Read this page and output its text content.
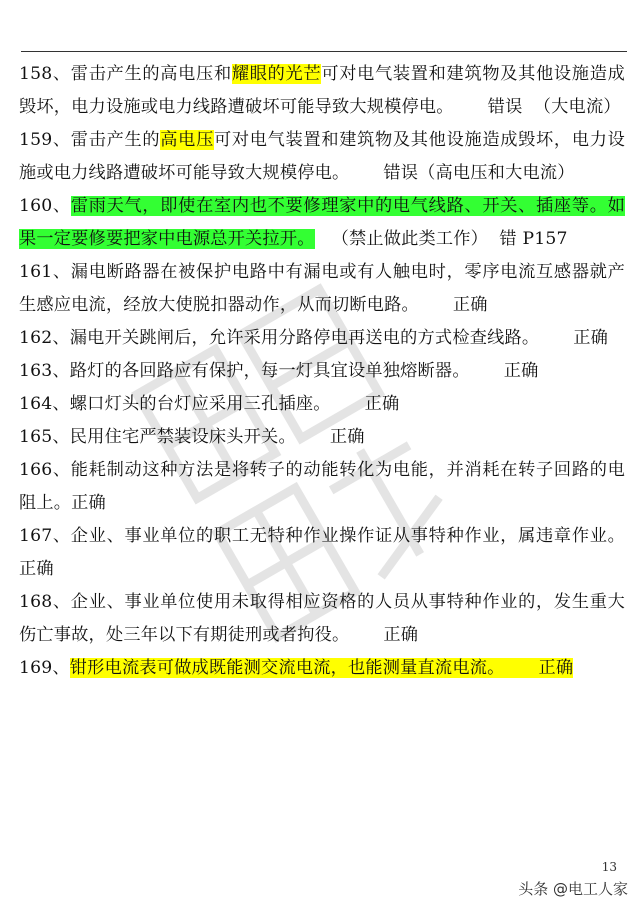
158、雷击产生的高电压和耀眼的光芒可对电气装置和建筑物及其他设施造成毁坏，电力设施或电力线路遭破坏可能导致大规模停电。      错误  （大电流）

159、雷击产生的高电压可对电气装置和建筑物及其他设施造成毁坏，电力设施或电力线路遭破坏可能导致大规模停电。      错误（高电压和大电流）

160、雷雨天气，即使在室内也不要修理家中的电气线路、开关、插座等。如果一定要修要把家中电源总开关拉开。   （禁止做此类工作）  错 P157

161、漏电断路器在被保护电路中有漏电或有人触电时，零序电流互感器就产生感应电流，经放大使脱扣器动作，从而切断电路。      正确

162、漏电开关跳闸后，允许采用分路停电再送电的方式检查线路。      正确

163、路灯的各回路应有保护，每一灯具宜设单独熔断器。      正确

164、螺口灯头的台灯应采用三孔插座。      正确

165、民用住宅严禁装设床头开关。      正确

166、能耗制动这种方法是将转子的动能转化为电能，并消耗在转子回路的电阻上。正确

167、企业、事业单位的职工无特种作业操作证从事特种作业，属违章作业。正确

168、企业、事业单位使用未取得相应资格的人员从事特种作业的，发生重大伤亡事故，处三年以下有期徒刑或者拘役。      正确

169、钳形电流表可做成既能测交流电流，也能测量直流电流。      正确

13
头条 @电工人家
